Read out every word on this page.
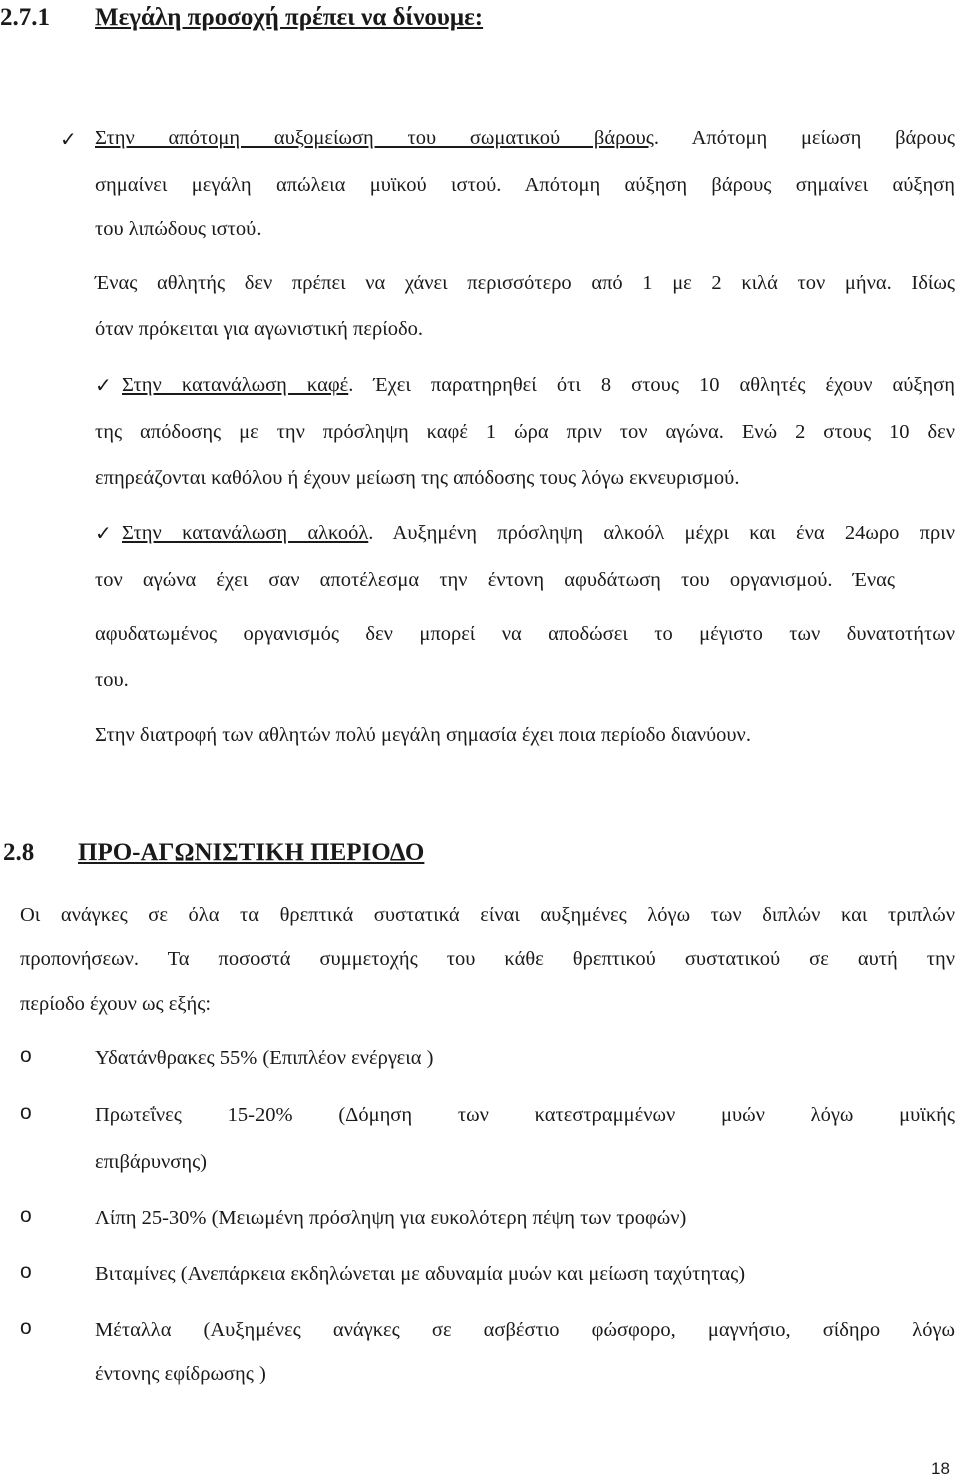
2.7.1 Μεγάλη προσοχή πρέπει να δίνουμε:
✓ Στην απότομη αυξομείωση του σωματικού βάρους. Απότομη μείωση βάρους
σημαίνει μεγάλη απώλεια μυϊκού ιστού. Απότομη αύξηση βάρους σημαίνει αύξηση
του λιπώδους ιστού.
Ένας αθλητής δεν πρέπει να χάνει περισσότερο από 1 με 2 κιλά τον μήνα. Ιδίως
όταν πρόκειται για αγωνιστική περίοδο.
✓ Στην κατανάλωση καφέ. Έχει παρατηρηθεί ότι 8 στους 10 αθλητές έχουν αύξηση
της απόδοσης με την πρόσληψη καφέ 1 ώρα πριν τον αγώνα. Ενώ 2 στους 10 δεν
επηρεάζονται καθόλου ή έχουν μείωση της απόδοσης τους λόγω εκνευρισμού.
✓ Στην κατανάλωση αλκοόλ. Αυξημένη πρόσληψη αλκοόλ μέχρι και ένα 24ωρο πριν
τον αγώνα έχει σαν αποτέλεσμα την έντονη αφυδάτωση του οργανισμού. Ένας
αφυδατωμένος οργανισμός δεν μπορεί να αποδώσει το μέγιστο των δυνατοτήτων
του.
Στην διατροφή των αθλητών πολύ μεγάλη σημασία έχει ποια περίοδο διανύουν.
2.8 ΠΡΟ-ΑΓΩΝΙΣΤΙΚΗ ΠΕΡΙΟΔΟ
Οι ανάγκες σε όλα τα θρεπτικά συστατικά είναι αυξημένες λόγω των διπλών και τριπλών
προπονήσεων. Τα ποσοστά συμμετοχής του κάθε θρεπτικού συστατικού σε αυτή την
περίοδο έχουν ως εξής:
o	Υδατάνθρακες 55% (Επιπλέον ενέργεια )
o	Πρωτεΐνες 15-20% (Δόμηση των κατεστραμμένων μυών λόγω μυϊκής
επιβάρυνσης)
o	Λίπη 25-30% (Μειωμένη πρόσληψη για ευκολότερη πέψη των τροφών)
o	Βιταμίνες (Ανεπάρκεια εκδηλώνεται με αδυναμία μυών και μείωση ταχύτητας)
o	Μέταλλα (Αυξημένες ανάγκες σε ασβέστιο φώσφορο, μαγνήσιο, σίδηρο λόγω
έντονης εφίδρωσης )
18
